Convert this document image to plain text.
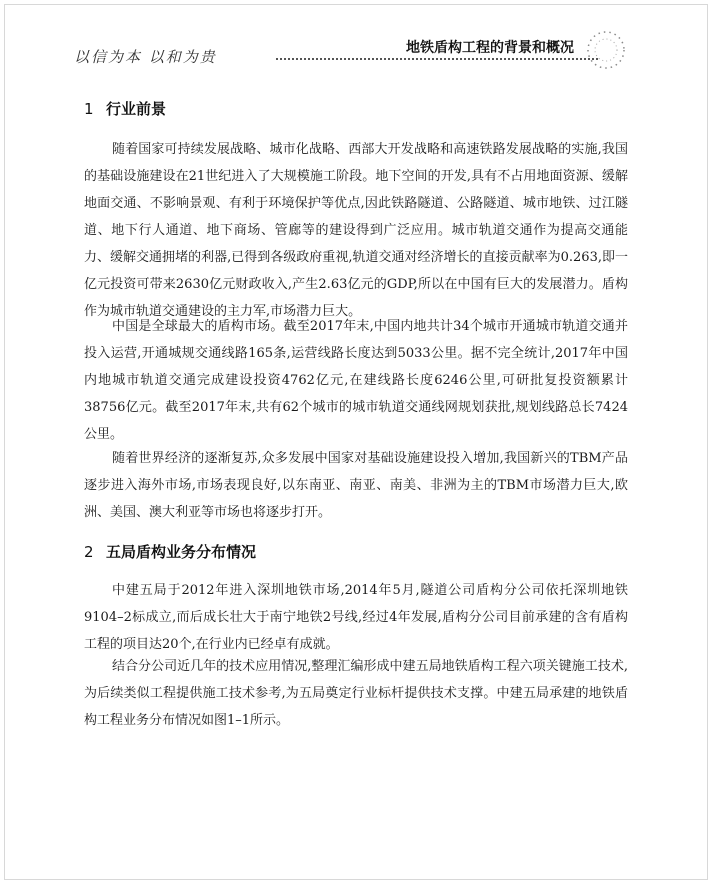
以信为本 以和为贵	地铁盾构工程的背景和概况
1 行业前景

随着国家可持续发展战略、城市化战略、西部大开发战略和高速铁路发展战略的实施,我国的基础设施建设在21世纪进入了大规模施工阶段。地下空间的开发,具有不占用地面资源、缓解地面交通、不影响景观、有利于环境保护等优点,因此铁路隧道、公路隧道、城市地铁、过江隧道、地下行人通道、地下商场、管廊等的建设得到广泛应用。城市轨道交通作为提高交通能力、缓解交通拥堵的利器,已得到各级政府重视,轨道交通对经济增长的直接贡献率为0.263,即一亿元投资可带来2630亿元财政收入,产生2.63亿元的GDP,所以在中国有巨大的发展潜力。盾构作为城市轨道交通建设的主力军,市场潜力巨大。

中国是全球最大的盾构市场。截至2017年末,中国内地共计34个城市开通城市轨道交通并投入运营,开通城规交通线路165条,运营线路长度达到5033公里。据不完全统计,2017年中国内地城市轨道交通完成建设投资4762亿元,在建线路长度6246公里,可研批复投资额累计38756亿元。截至2017年末,共有62个城市的城市轨道交通线网规划获批,规划线路总长7424公里。

随着世界经济的逐渐复苏,众多发展中国家对基础设施建设投入增加,我国新兴的TBM产品逐步进入海外市场,市场表现良好,以东南亚、南亚、南美、非洲为主的TBM市场潜力巨大,欧洲、美国、澳大利亚等市场也将逐步打开。

2 五局盾构业务分布情况

中建五局于2012年进入深圳地铁市场,2014年5月,隧道公司盾构分公司依托深圳地铁9104–2标成立,而后成长壮大于南宁地铁2号线,经过4年发展,盾构分公司目前承建的含有盾构工程的项目达20个,在行业内已经卓有成就。

结合分公司近几年的技术应用情况,整理汇编形成中建五局地铁盾构工程六项关键施工技术,为后续类似工程提供施工技术参考,为五局奠定行业标杆提供技术支撑。中建五局承建的地铁盾构工程业务分布情况如图1–1所示。
